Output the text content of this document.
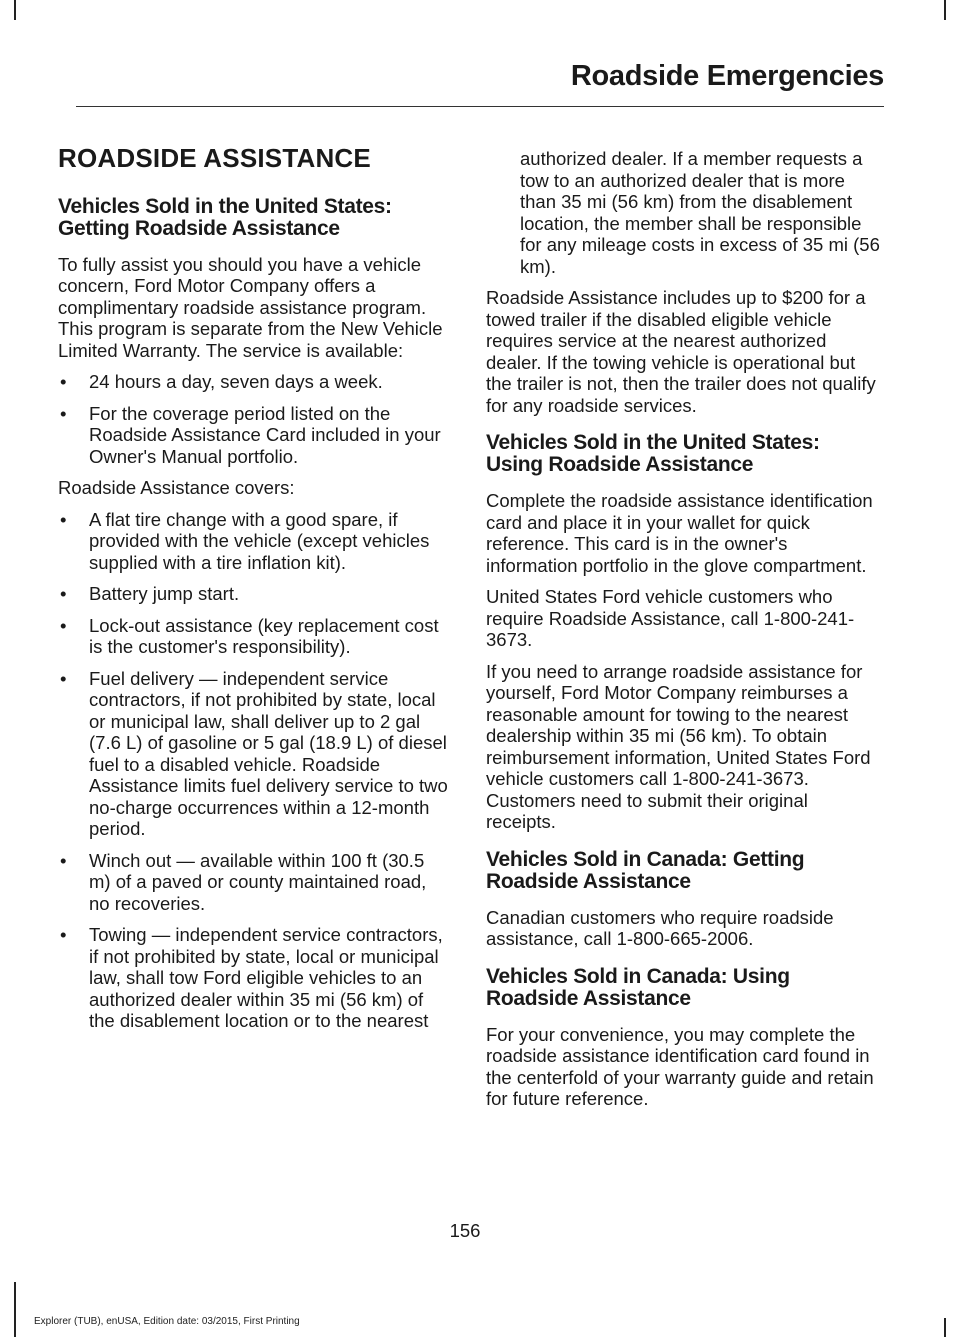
Roadside Emergencies
ROADSIDE ASSISTANCE
Vehicles Sold in the United States: Getting Roadside Assistance

To fully assist you should you have a vehicle concern, Ford Motor Company offers a complimentary roadside assistance program. This program is separate from the New Vehicle Limited Warranty. The service is available:

• 24 hours a day, seven days a week.
• For the coverage period listed on the Roadside Assistance Card included in your Owner's Manual portfolio.

Roadside Assistance covers:

• A flat tire change with a good spare, if provided with the vehicle (except vehicles supplied with a tire inflation kit).
• Battery jump start.
• Lock-out assistance (key replacement cost is the customer's responsibility).
• Fuel delivery — independent service contractors, if not prohibited by state, local or municipal law, shall deliver up to 2 gal (7.6 L) of gasoline or 5 gal (18.9 L) of diesel fuel to a disabled vehicle. Roadside Assistance limits fuel delivery service to two no-charge occurrences within a 12-month period.
• Winch out — available within 100 ft (30.5 m) of a paved or county maintained road, no recoveries.
• Towing — independent service contractors, if not prohibited by state, local or municipal law, shall tow Ford eligible vehicles to an authorized dealer within 35 mi (56 km) of the disablement location or to the nearest
authorized dealer. If a member requests a tow to an authorized dealer that is more than 35 mi (56 km) from the disablement location, the member shall be responsible for any mileage costs in excess of 35 mi (56 km).

Roadside Assistance includes up to $200 for a towed trailer if the disabled eligible vehicle requires service at the nearest authorized dealer. If the towing vehicle is operational but the trailer is not, then the trailer does not qualify for any roadside services.

Vehicles Sold in the United States: Using Roadside Assistance

Complete the roadside assistance identification card and place it in your wallet for quick reference. This card is in the owner's information portfolio in the glove compartment.

United States Ford vehicle customers who require Roadside Assistance, call 1-800-241-3673.

If you need to arrange roadside assistance for yourself, Ford Motor Company reimburses a reasonable amount for towing to the nearest dealership within 35 mi (56 km). To obtain reimbursement information, United States Ford vehicle customers call 1-800-241-3673. Customers need to submit their original receipts.

Vehicles Sold in Canada: Getting Roadside Assistance

Canadian customers who require roadside assistance, call 1-800-665-2006.

Vehicles Sold in Canada: Using Roadside Assistance

For your convenience, you may complete the roadside assistance identification card found in the centerfold of your warranty guide and retain for future reference.

156
Explorer (TUB), enUSA, Edition date: 03/2015, First Printing
